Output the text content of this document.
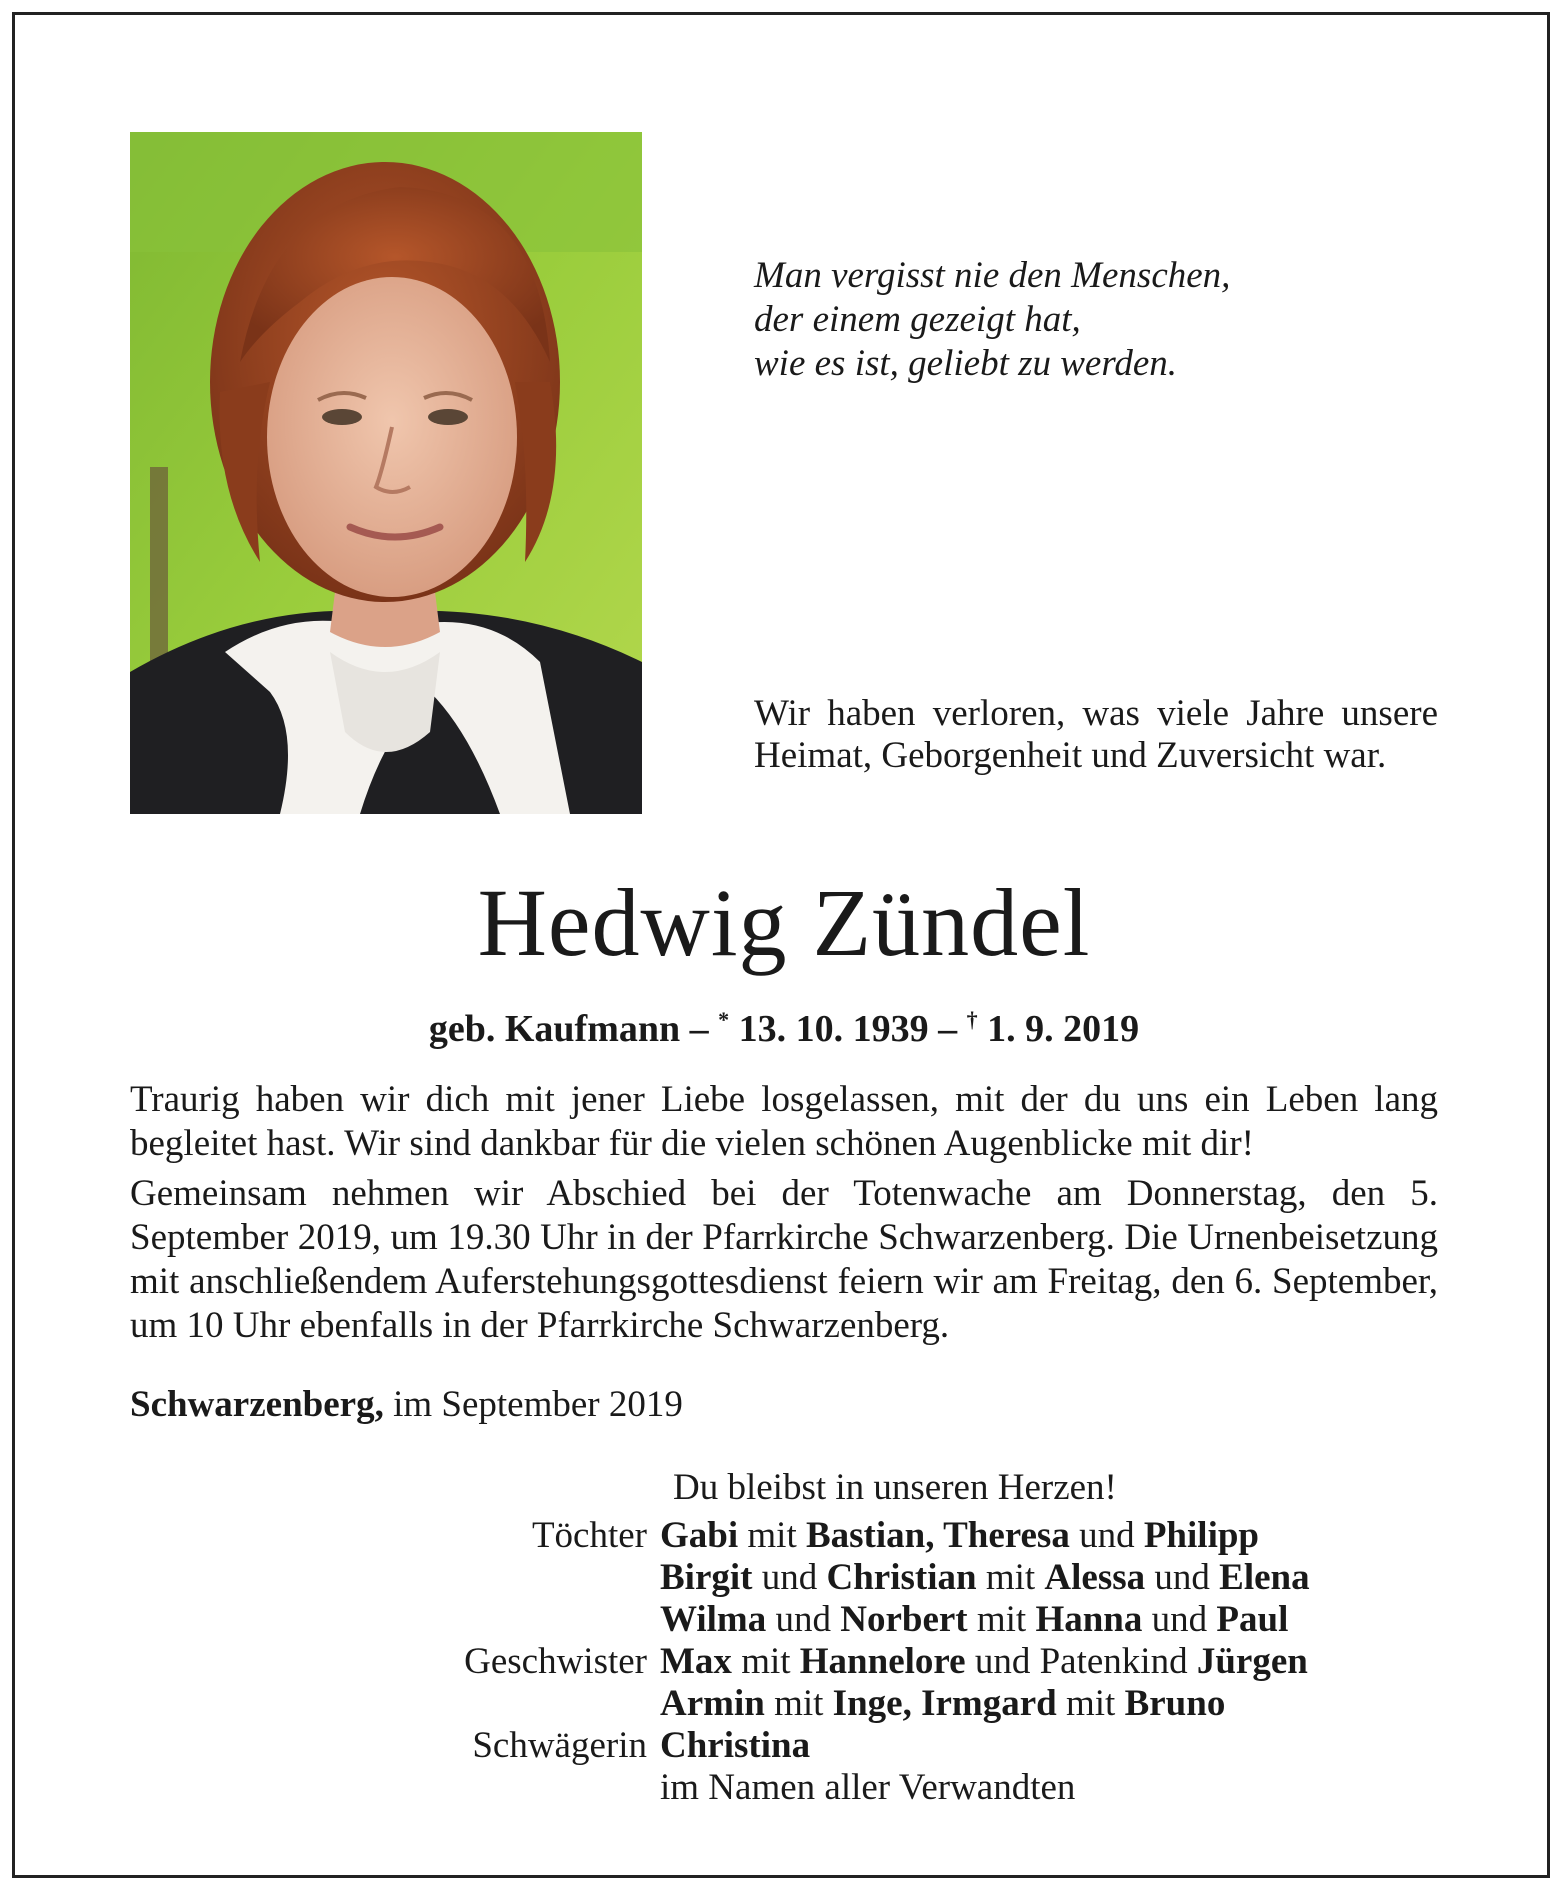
Man vergisst nie den Menschen,
der einem gezeigt hat,
wie es ist, geliebt zu werden.
Wir haben verloren, was viele Jahre unsere Heimat, Geborgenheit und Zuversicht war.
Hedwig Zündel
geb. Kaufmann – * 13. 10. 1939 – † 1. 9. 2019

Traurig haben wir dich mit jener Liebe losgelassen, mit der du uns ein Leben lang begleitet hast. Wir sind dankbar für die vielen schönen Augenblicke mit dir!

Gemeinsam nehmen wir Abschied bei der Totenwache am Donnerstag, den 5. September 2019, um 19.30 Uhr in der Pfarrkirche Schwarzenberg. Die Urnenbeisetzung mit anschließendem Auferstehungsgottesdienst feiern wir am Freitag, den 6. September, um 10 Uhr ebenfalls in der Pfarrkirche Schwarzenberg.

Schwarzenberg, im September 2019
Du bleibst in unseren Herzen!
Töchter Gabi mit Bastian, Theresa und Philipp
Birgit und Christian mit Alessa und Elena
Wilma und Norbert mit Hanna und Paul
Geschwister Max mit Hannelore und Patenkind Jürgen
Armin mit Inge, Irmgard mit Bruno
Schwägerin Christina
im Namen aller Verwandten
